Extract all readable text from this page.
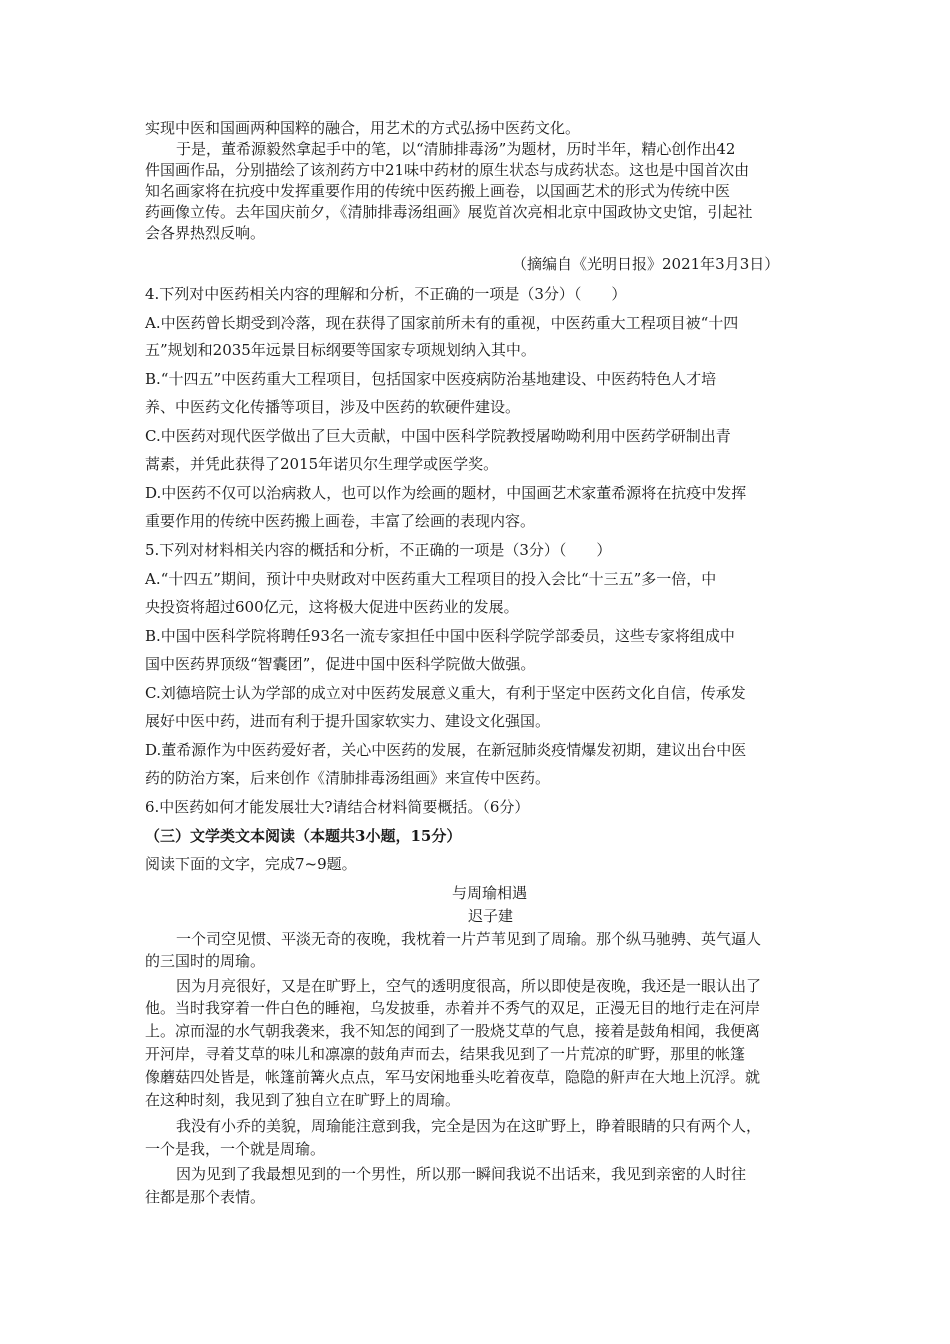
实现中医和国画两种国粹的融合，用艺术的方式弘扬中医药文化。
于是，董希源毅然拿起手中的笔，以“清肺排毒汤”为题材，历时半年，精心创作出42
件国画作品，分别描绘了该剂药方中21味中药材的原生状态与成药状态。这也是中国首次由
知名画家将在抗疫中发挥重要作用的传统中医药搬上画卷，以国画艺术的形式为传统中医
药画像立传。去年国庆前夕，《清肺排毒汤组画》展览首次亮相北京中国政协文史馆，引起社
会各界热烈反响。
（摘编自《光明日报》2021年3月3日）
4.下列对中医药相关内容的理解和分析，不正确的一项是（3分）（　　）
A.中医药曾长期受到冷落，现在获得了国家前所未有的重视，中医药重大工程项目被“十四
五”规划和2035年远景目标纲要等国家专项规划纳入其中。
B.“十四五”中医药重大工程项目，包括国家中医疫病防治基地建设、中医药特色人才培
养、中医药文化传播等项目，涉及中医药的软硬件建设。
C.中医药对现代医学做出了巨大贡献，中国中医科学院教授屠呦呦利用中医药学研制出青
蒿素，并凭此获得了2015年诺贝尔生理学或医学奖。
D.中医药不仅可以治病救人，也可以作为绘画的题材，中国画艺术家董希源将在抗疫中发挥
重要作用的传统中医药搬上画卷，丰富了绘画的表现内容。
5.下列对材料相关内容的概括和分析，不正确的一项是（3分）（　　）
A.“十四五”期间，预计中央财政对中医药重大工程项目的投入会比“十三五”多一倍，中
央投资将超过600亿元，这将极大促进中医药业的发展。
B.中国中医科学院将聘任93名一流专家担任中国中医科学院学部委员，这些专家将组成中
国中医药界顶级“智囊团”，促进中国中医科学院做大做强。
C.刘德培院士认为学部的成立对中医药发展意义重大，有利于坚定中医药文化自信，传承发
展好中医中药，进而有利于提升国家软实力、建设文化强国。
D.董希源作为中医药爱好者，关心中医药的发展，在新冠肺炎疫情爆发初期，建议出台中医
药的防治方案，后来创作《清肺排毒汤组画》来宣传中医药。
6.中医药如何才能发展壮大?请结合材料简要概括。（6分）
（三）文学类文本阅读（本题共3小题，15分）
阅读下面的文字，完成7~9题。
与周瑜相遇
迟子建
一个司空见惯、平淡无奇的夜晚，我枕着一片芦苇见到了周瑜。那个纵马驰骋、英气逼人
的三国时的周瑜。
因为月亮很好，又是在旷野上，空气的透明度很高，所以即使是夜晚，我还是一眼认出了
他。当时我穿着一件白色的睡袍，乌发披垂，赤着并不秀气的双足，正漫无目的地行走在河岸
上。凉而湿的水气朝我袭来，我不知怎的闻到了一股烧艾草的气息，接着是鼓角相闻，我便离
开河岸，寻着艾草的味儿和凛凛的鼓角声而去，结果我见到了一片荒凉的旷野，那里的帐篷
像蘑菇四处皆是，帐篷前篝火点点，军马安闲地垂头吃着夜草，隐隐的鼾声在大地上沉浮。就
在这种时刻，我见到了独自立在旷野上的周瑜。
我没有小乔的美貌，周瑜能注意到我，完全是因为在这旷野上，睁着眼睛的只有两个人，
一个是我，一个就是周瑜。
因为见到了我最想见到的一个男性，所以那一瞬间我说不出话来，我见到亲密的人时往
往都是那个表情。
